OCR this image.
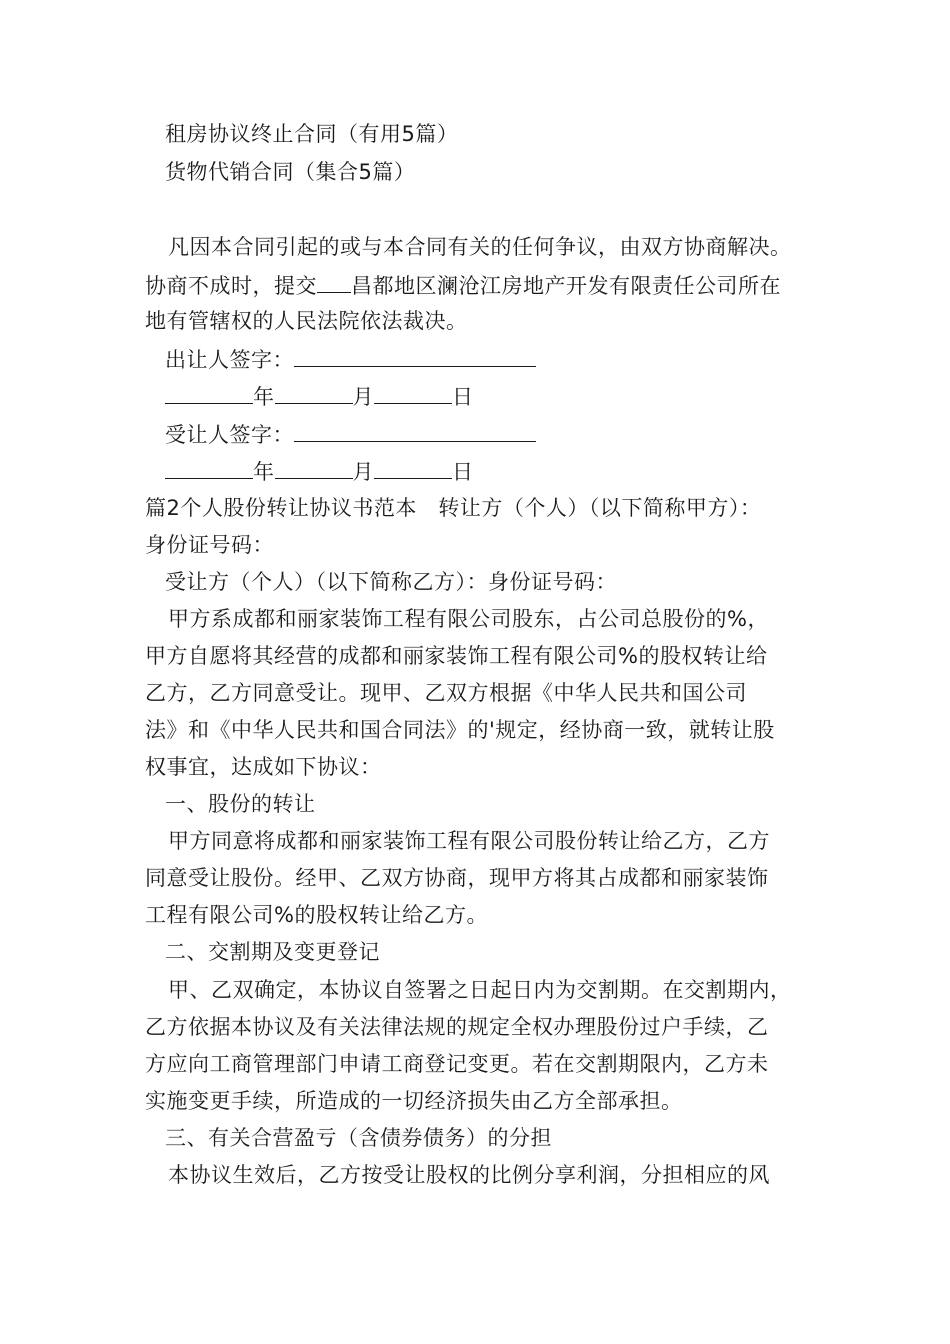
租房协议终止合同（有用5篇）
货物代销合同（集合5篇）
凡因本合同引起的或与本合同有关的任何争议，由双方协商解决。
协商不成时，提交 昌都地区澜沧江房地产开发有限责任公司所在
地有管辖权的人民法院依法裁决。
出让人签字：
年	月	日
受让人签字：
年	月	日
篇2个人股份转让协议书范本　转让方（个人）（以下简称甲方）：
身份证号码：
受让方（个人）（以下简称乙方）：身份证号码：
甲方系成都和丽家装饰工程有限公司股东，占公司总股份的%，
甲方自愿将其经营的成都和丽家装饰工程有限公司%的股权转让给
乙方，乙方同意受让。现甲、乙双方根据《中华人民共和国公司
法》和《中华人民共和国合同法》的'规定，经协商一致，就转让股
权事宜，达成如下协议：
一、股份的转让
甲方同意将成都和丽家装饰工程有限公司股份转让给乙方，乙方
同意受让股份。经甲、乙双方协商，现甲方将其占成都和丽家装饰
工程有限公司%的股权转让给乙方。
二、交割期及变更登记
甲、乙双确定，本协议自签署之日起日内为交割期。在交割期内，
乙方依据本协议及有关法律法规的规定全权办理股份过户手续，乙
方应向工商管理部门申请工商登记变更。若在交割期限内，乙方未
实施变更手续，所造成的一切经济损失由乙方全部承担。
三、有关合营盈亏（含债券债务）的分担
本协议生效后，乙方按受让股权的比例分享利润，分担相应的风
